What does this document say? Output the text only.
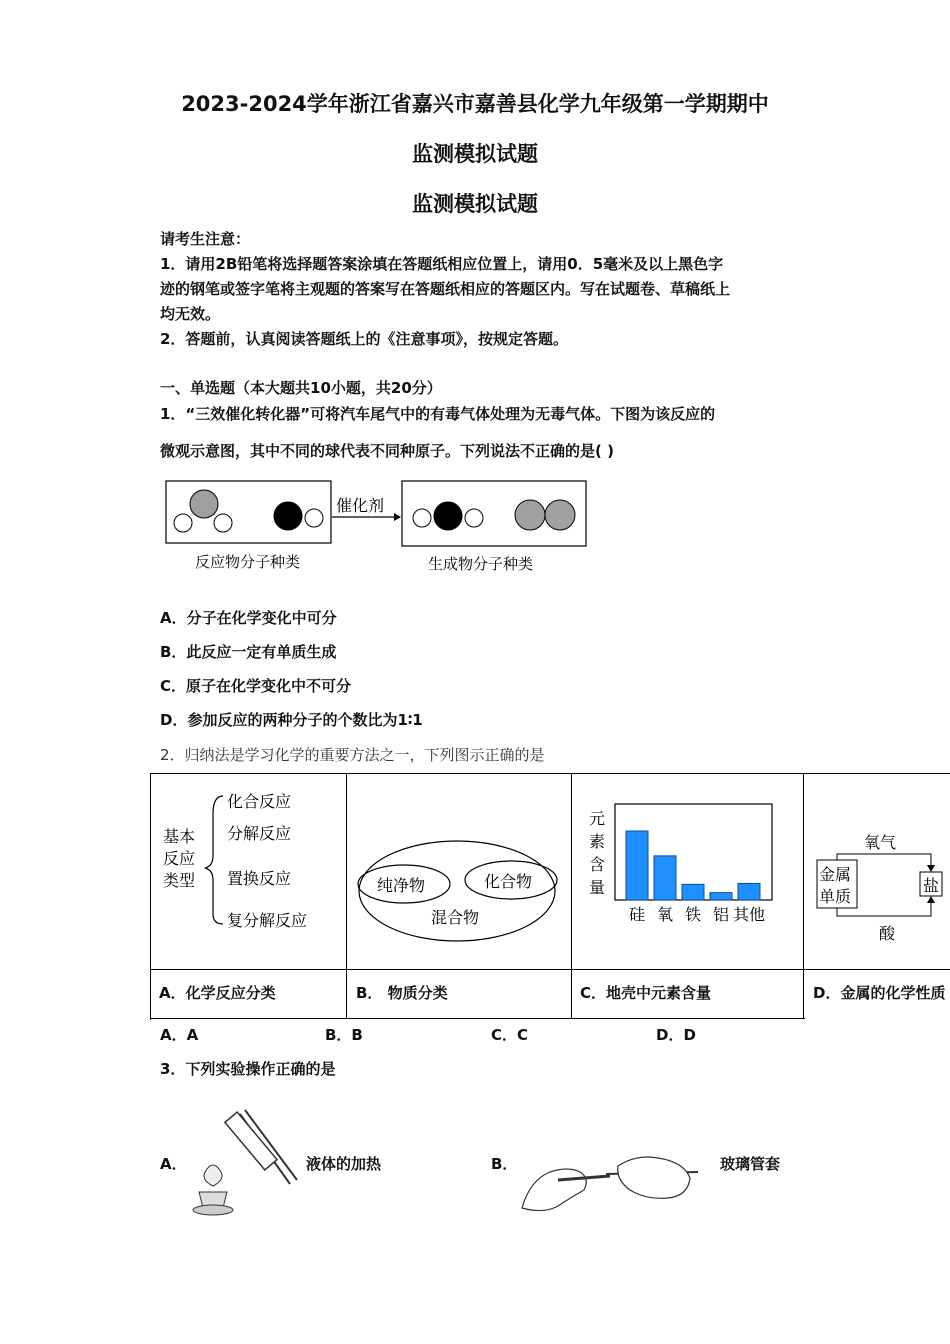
2023-2024学年浙江省嘉兴市嘉善县化学九年级第一学期期中
监测模拟试题
监测模拟试题
请考生注意：
1．请用2B铅笔将选择题答案涂填在答题纸相应位置上，请用0．5毫米及以上黑色字
迹的钢笔或签字笔将主观题的答案写在答题纸相应的答题区内。写在试题卷、草稿纸上
均无效。
2．答题前，认真阅读答题纸上的《注意事项》，按规定答题。
一、单选题（本大题共10小题，共20分）
1．“三效催化转化器”可将汽车尾气中的有毒气体处理为无毒气体。下图为该反应的
微观示意图，其中不同的球代表不同种原子。下列说法不正确的是( )
催化剂
反应物分子种类	生成物分子种类
A．分子在化学变化中可分
B．此反应一定有单质生成
C．原子在化学变化中不可分
D．参加反应的两种分子的个数比为1∶1
2．归纳法是学习化学的重要方法之一，下列图示正确的是
基本
反应
类型
化合反应
分解反应
置换反应
复分解反应
纯净物	化合物
混合物
元
素
含
量
硅 氧 铁 铝 其他
氧气
金属
单质
盐
酸
A．化学反应分类	B． 物质分类	C．地壳中元素含量	D．金属的化学性质
A．A	B．B	C．C	D．D
3．下列实验操作正确的是
A．	液体的加热	B．	玻璃管套
